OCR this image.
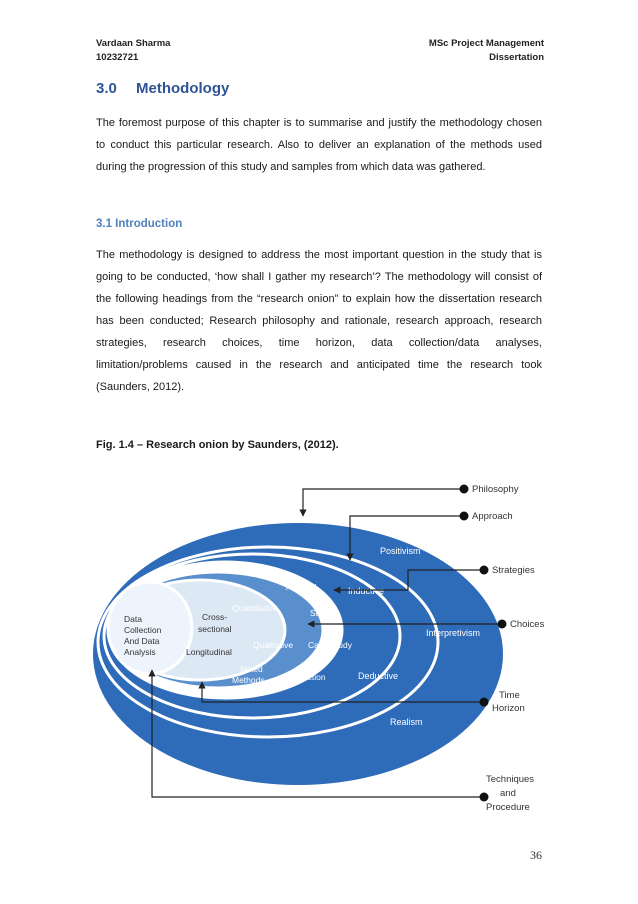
Vardaan Sharma
10232721
MSc Project Management
Dissertation
3.0 Methodology
The foremost purpose of this chapter is to summarise and justify the methodology chosen to conduct this particular research. Also to deliver an explanation of the methods used during the progression of this study and samples from which data was gathered.
3.1 Introduction
The methodology is designed to address the most important question in the study that is going to be conducted, ‘how shall I gather my research’? The methodology will consist of the following headings from the “research onion” to explain how the dissertation research has been conducted; Research philosophy and rationale, research approach, research strategies, research choices, time horizon, data collection/data analyses, limitation/problems caused in the research and anticipated time the research took (Saunders, 2012).
Fig. 1.4 – Research onion by Saunders, (2012).
Positivism
Interpretivism
Realism
Inductive
Deductive
Archival
Survey
Case Study
Action
Quantitative
Qualitative
Mixed
Methods
Cross-
sectional
Longitudinal
Data
Collection
And Data
Analysis
Philosophy
Approach
Strategies
Choices
Time
Horizon
Techniques
and
Procedure
36
